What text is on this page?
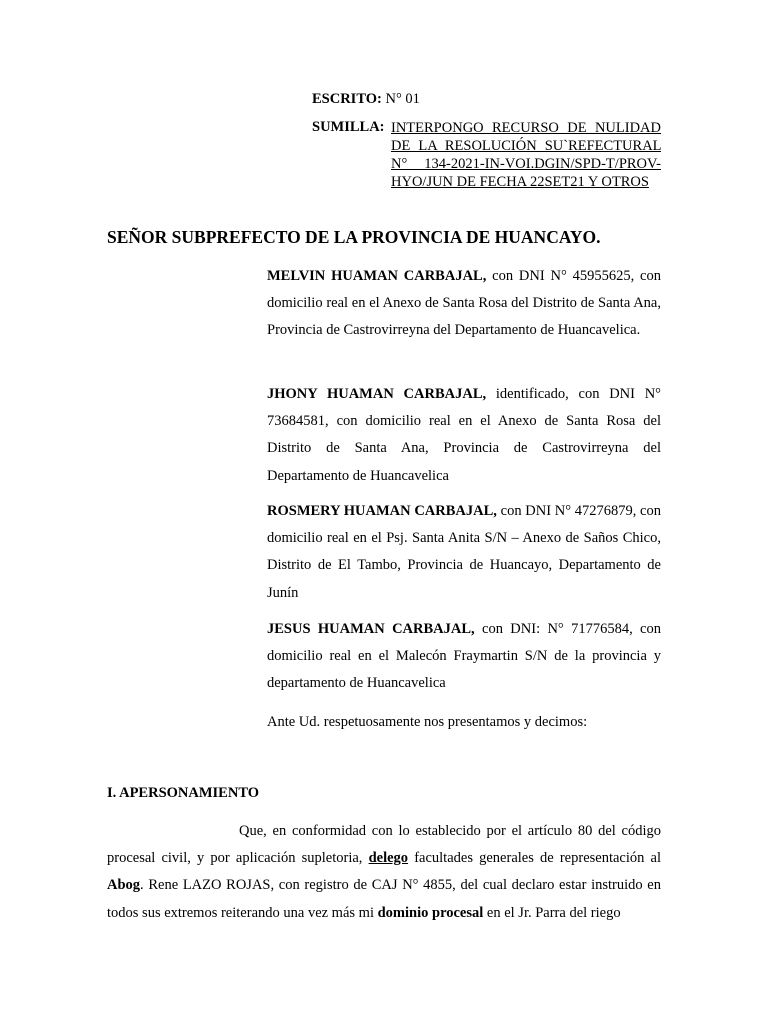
ESCRITO: N° 01
SUMILLA: INTERPONGO RECURSO DE NULIDAD DE LA RESOLUCIÓN SU`REFECTURAL N° 134-2021-IN-VOI.DGIN/SPD-T/PROV- HYO/JUN DE FECHA 22SET21 Y OTROS
SEÑOR SUBPREFECTO DE LA PROVINCIA DE HUANCAYO.
MELVIN HUAMAN CARBAJAL, con DNI N° 45955625, con domicilio real en el Anexo de Santa Rosa del Distrito de Santa Ana, Provincia de Castrovirreyna del Departamento de Huancavelica.
JHONY HUAMAN CARBAJAL, identificado, con DNI N° 73684581, con domicilio real en el Anexo de Santa Rosa del Distrito de Santa Ana, Provincia de Castrovirreyna del Departamento de Huancavelica
ROSMERY HUAMAN CARBAJAL, con DNI N° 47276879, con domicilio real en el Psj. Santa Anita S/N – Anexo de Saños Chico, Distrito de El Tambo, Provincia de Huancayo, Departamento de Junín
JESUS HUAMAN CARBAJAL, con DNI: N° 71776584, con domicilio real en el Malecón Fraymartin S/N de la provincia y departamento de Huancavelica
Ante Ud. respetuosamente nos presentamos y decimos:
I. APERSONAMIENTO
Que, en conformidad con lo establecido por el artículo 80 del código procesal civil, y por aplicación supletoria, delego facultades generales de representación al Abog. Rene LAZO ROJAS, con registro de CAJ N° 4855, del cual declaro estar instruido en todos sus extremos reiterando una vez más mi dominio procesal en el Jr. Parra del riego
